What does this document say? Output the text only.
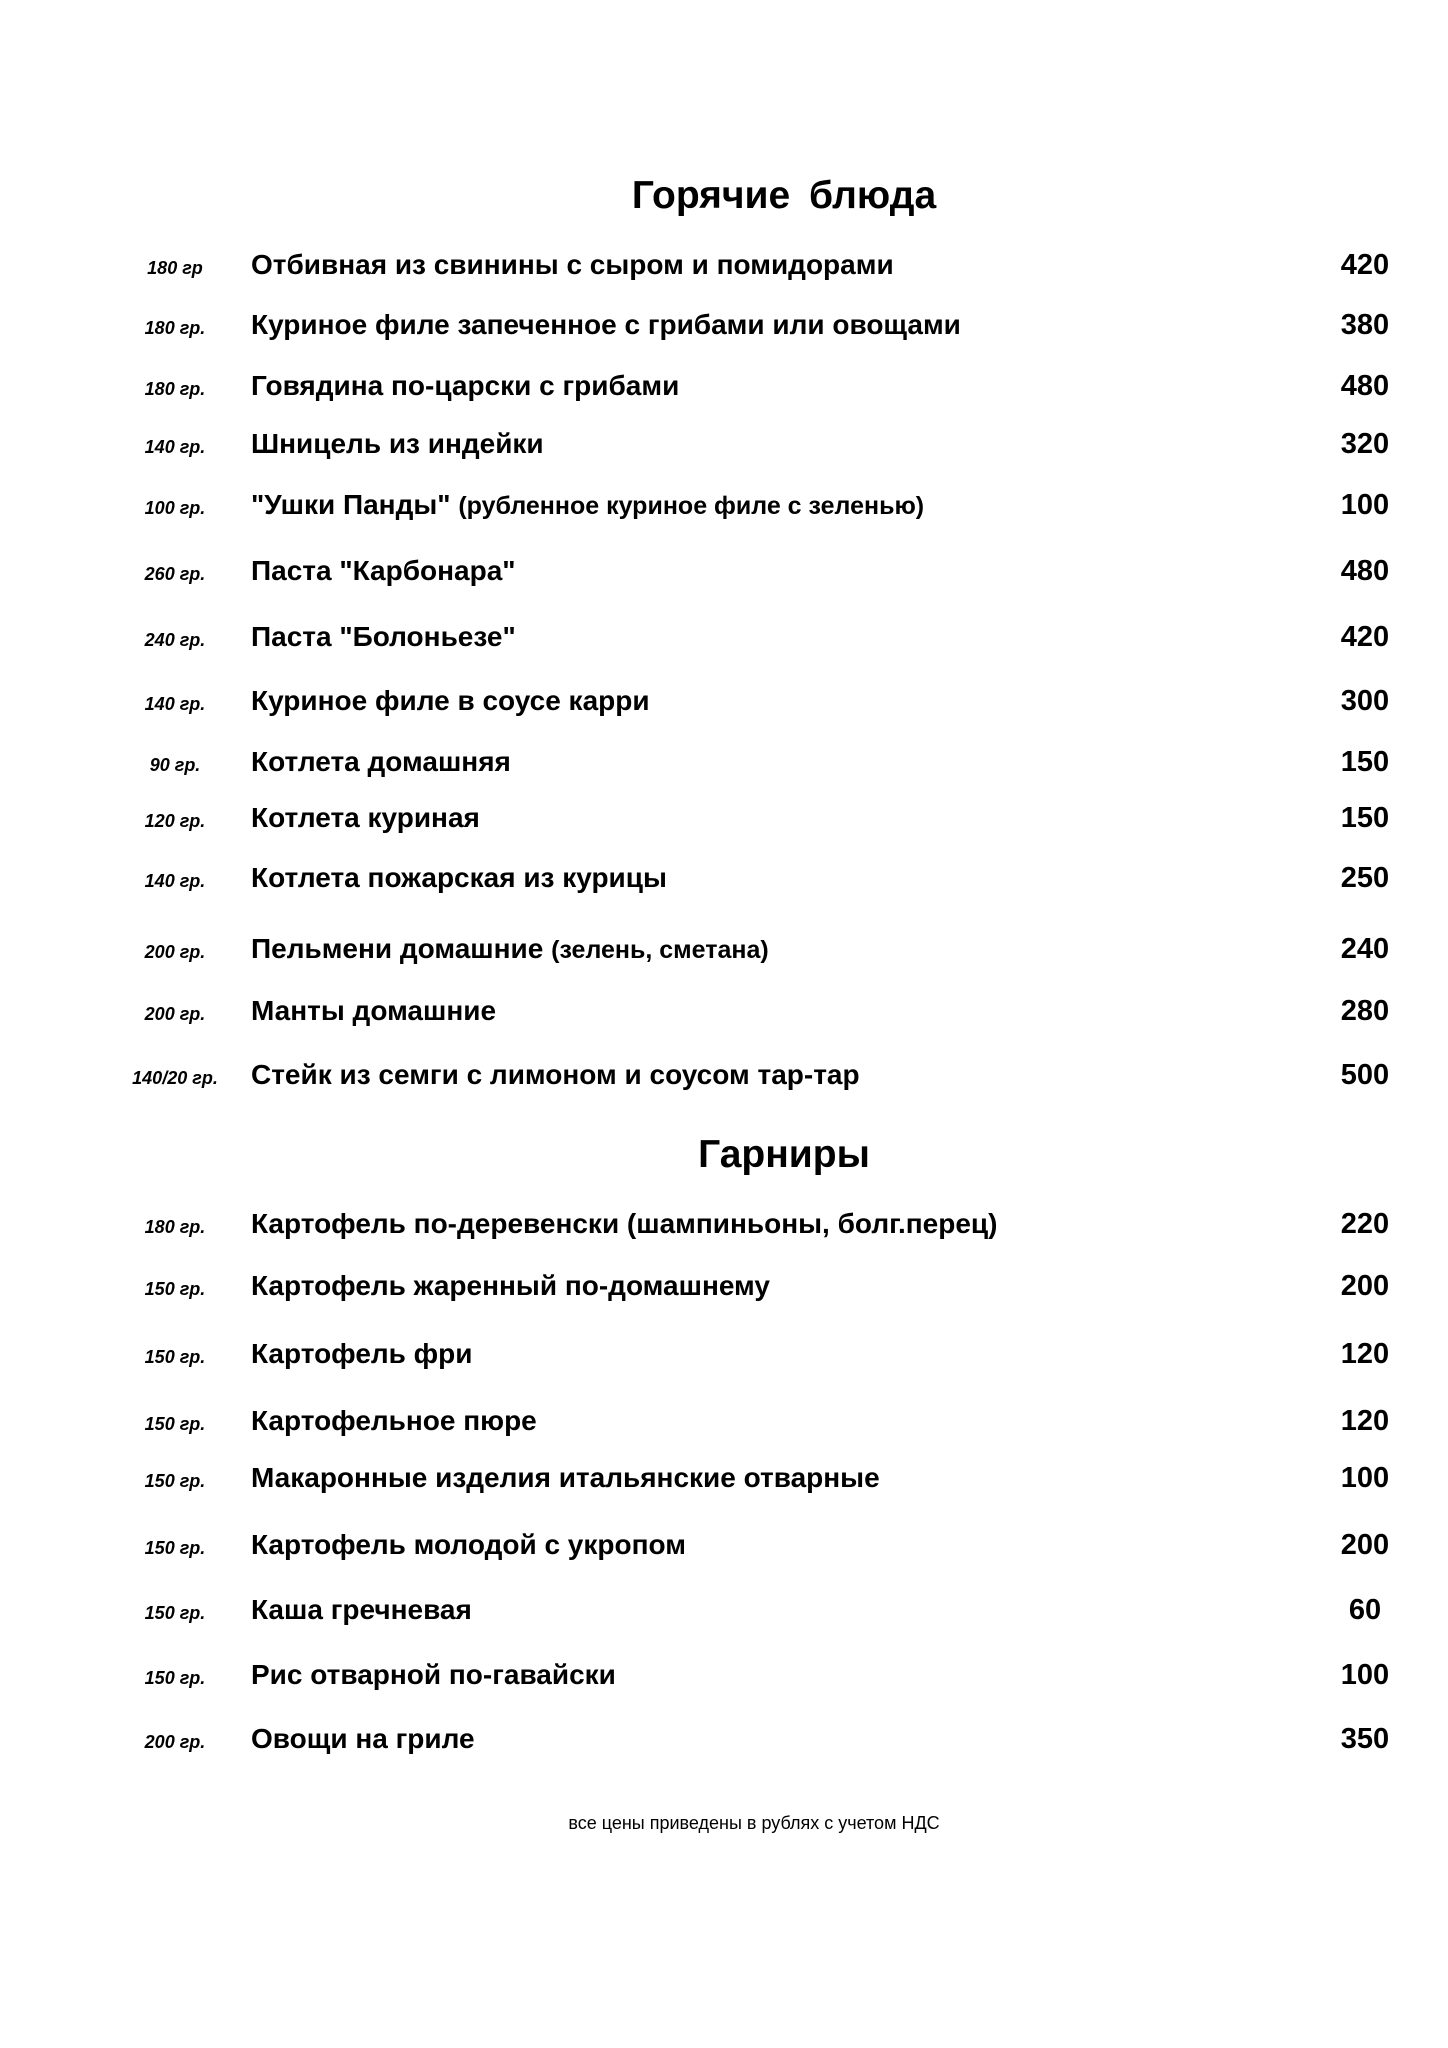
Горячие блюда
180 гр	Отбивная из свинины с сыром и помидорами	420
180 гр.	Куриное филе запеченное с грибами или овощами	380
180 гр.	Говядина по-царски с грибами	480
140 гр.	Шницель из индейки	320
100 гр.	"Ушки Панды" (рубленное куриное филе с зеленью)	100
260 гр.	Паста "Карбонара"	480
240 гр.	Паста "Болоньезе"	420
140 гр.	Куриное филе в соусе карри	300
90 гр.	Котлета домашняя	150
120 гр.	Котлета куриная	150
140 гр.	Котлета пожарская из курицы	250
200 гр.	Пельмени домашние (зелень, сметана)	240
200 гр.	Манты домашние	280
140/20 гр.	Стейк из семги с лимоном и соусом тар-тар	500
Гарниры
180 гр.	Картофель по-деревенски (шампиньоны, болг.перец)	220
150 гр.	Картофель жаренный по-домашнему	200
150 гр.	Картофель фри	120
150 гр.	Картофельное пюре	120
150 гр.	Макаронные изделия итальянские отварные	100
150 гр.	Картофель молодой с укропом	200
150 гр.	Каша гречневая	60
150 гр.	Рис отварной по-гавайски	100
200 гр.	Овощи на гриле	350
все цены приведены в рублях с учетом НДС
